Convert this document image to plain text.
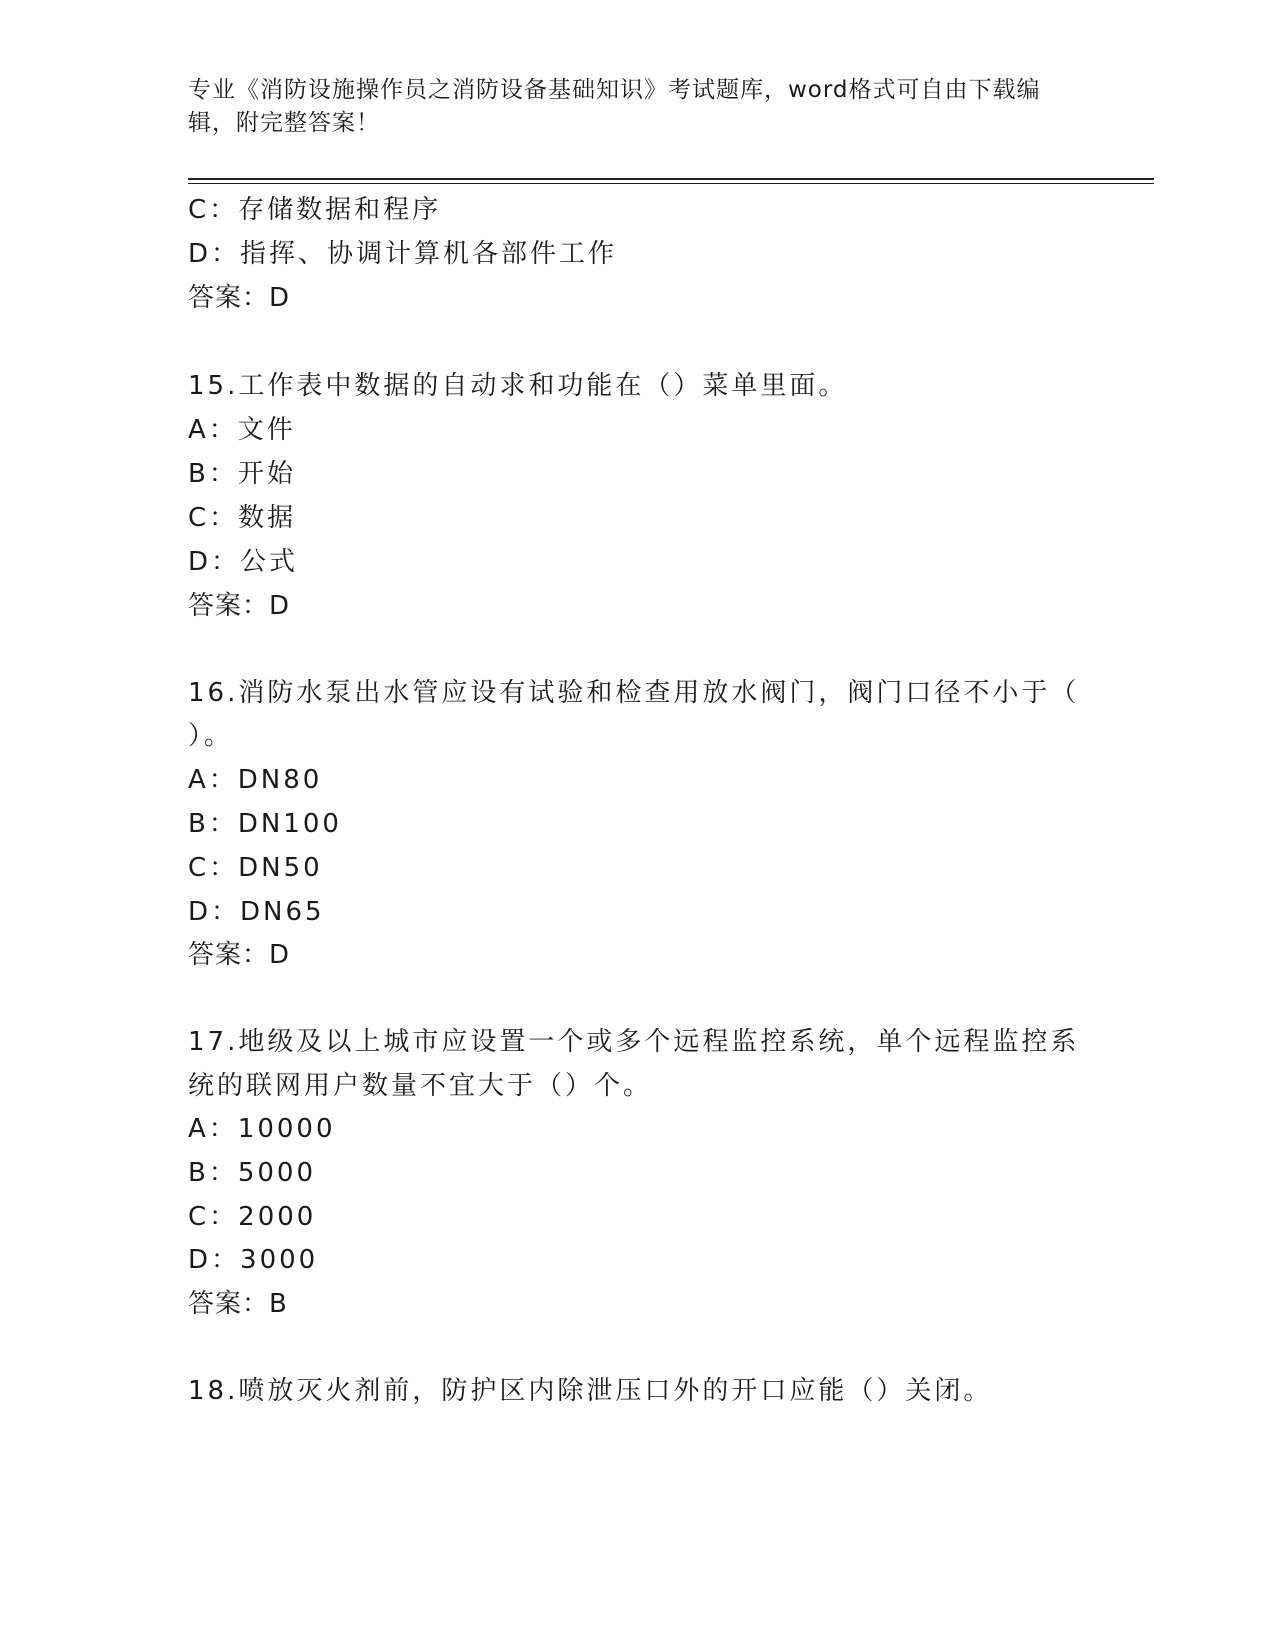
专业《消防设施操作员之消防设备基础知识》考试题库，word格式可自由下载编辑，附完整答案！
C：存储数据和程序
D：指挥、协调计算机各部件工作
答案：D
15.工作表中数据的自动求和功能在（）菜单里面。
A：文件
B：开始
C：数据
D：公式
答案：D
16.消防水泵出水管应设有试验和检查用放水阀门，阀门口径不小于（
）。
A：DN80
B：DN100
C：DN50
D：DN65
答案：D
17.地级及以上城市应设置一个或多个远程监控系统，单个远程监控系
统的联网用户数量不宜大于（）个。
A：10000
B：5000
C：2000
D：3000
答案：B
18.喷放灭火剂前，防护区内除泄压口外的开口应能（）关闭。
